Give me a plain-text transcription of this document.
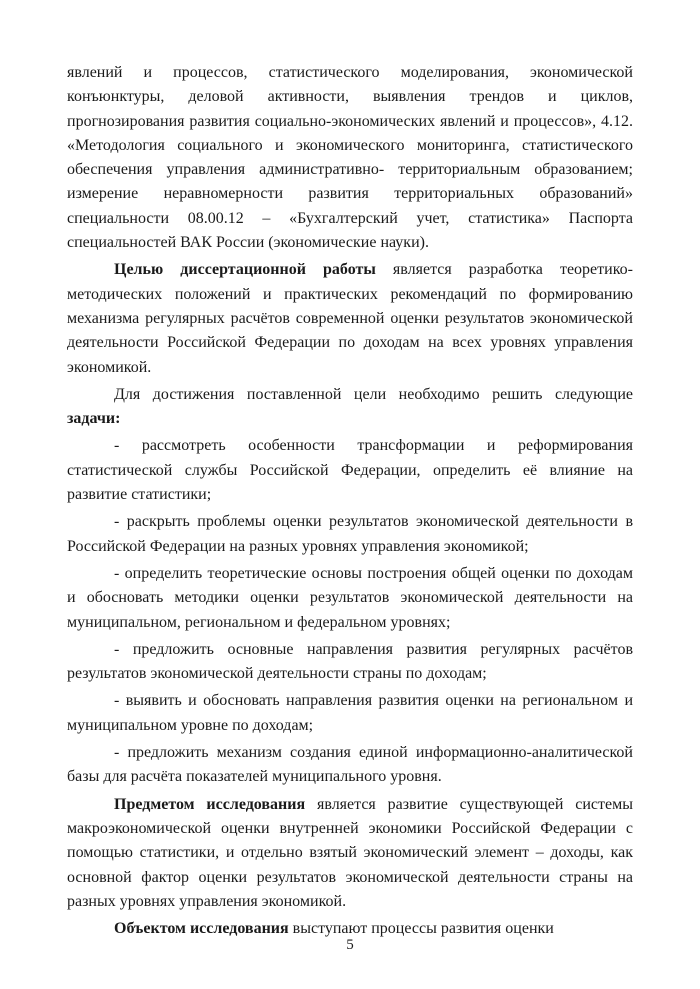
явлений и процессов, статистического моделирования, экономической конъюнктуры, деловой активности, выявления трендов и циклов, прогнозирования развития социально-экономических явлений и процессов», 4.12. «Методология социального и экономического мониторинга, статистического обеспечения управления административно- территориальным образованием; измерение неравномерности развития территориальных образований» специальности 08.00.12 – «Бухгалтерский учет, статистика» Паспорта специальностей ВАК России (экономические науки).

Целью диссертационной работы является разработка теоретико-методических положений и практических рекомендаций по формированию механизма регулярных расчётов современной оценки результатов экономической деятельности Российской Федерации по доходам на всех уровнях управления экономикой.

Для достижения поставленной цели необходимо решить следующие задачи:

- рассмотреть особенности трансформации и реформирования статистической службы Российской Федерации, определить её влияние на развитие статистики;

- раскрыть проблемы оценки результатов экономической деятельности в Российской Федерации на разных уровнях управления экономикой;

- определить теоретические основы построения общей оценки по доходам и обосновать методики оценки результатов экономической деятельности на муниципальном, региональном и федеральном уровнях;

- предложить основные направления развития регулярных расчётов результатов экономической деятельности страны по доходам;

- выявить и обосновать направления развития оценки на региональном и муниципальном уровне по доходам;

- предложить механизм создания единой информационно-аналитической базы для расчёта показателей муниципального уровня.

Предметом исследования является развитие существующей системы макроэкономической оценки внутренней экономики Российской Федерации с помощью статистики, и отдельно взятый экономический элемент – доходы, как основной фактор оценки результатов экономической деятельности страны на разных уровнях управления экономикой.

Объектом исследования выступают процессы развития оценки

5
